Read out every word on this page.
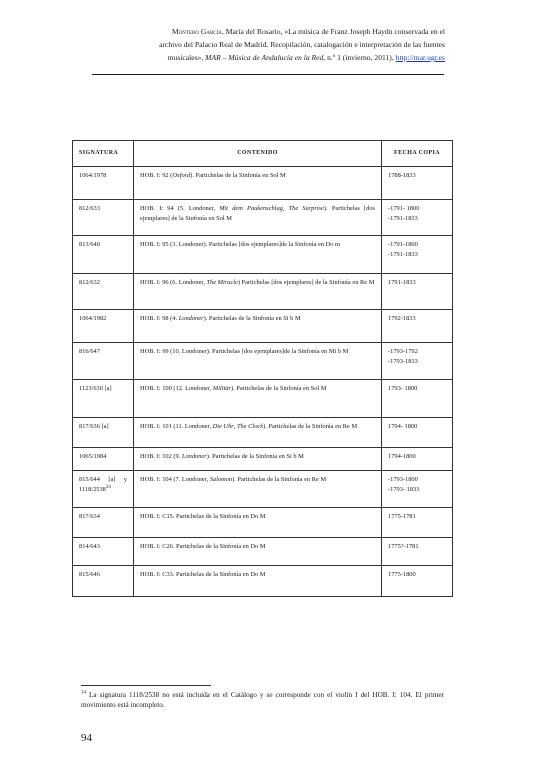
Montero García, María del Rosario, «La música de Franz Joseph Haydn conservada en el
archivo del Palacio Real de Madrid. Recopilación, catalogación e interpretación de las fuentes
musicales», MAR – Música de Andalucía en la Red, n.º 1 (invierno, 2011), http://mar.ugr.es
SIGNATURA	CONTENIDO	FECHA COPIA
1064/1978	HOB. I: 92 (Oxford). Partichelas de la Sinfonía en Sol M	1788-1833
812/633	HOB. I: 94 (5. Londoner, Mit dem Paukenschlag, The Surprise). Partichelas [dos ejemplares] de la Sinfonía en Sol M	-1791- 1800
-1791-1833
813/640	HOB. I: 95 (3. Londoner). Partichelas [dos ejemplares]de la Sinfonía en Do m	-1791-1800
-1791-1833
812/632	HOB. I: 96 (6. Londoner, The Miracle) Partichelas [dos ejemplares] de la Sinfonía en Re M	1791-1833
1064/1982	HOB. I: 98 (4. Londoner). Partichelas de la Sinfonía en Si b M	1792-1833
816/647	HOB. I: 99 (10. Londoner). Partichelas [dos ejemplares]de la Sinfonía en Mi b M	-1793-1792
-1793-1833
1123/630 [a]	HOB. I: 100 (12. Londoner, Militär). Partichelas de la Sinfonía en Sol M	1793- 1800
817/636 [a]	HOB. I: 101 (11. Londoner, Die Uhr, The Clock). Partichelas de la Sinfonía en Re M	1794- 1800
1065/1984	HOB. I: 102 (9. Londoner). Partichelas de la Sinfonía en Si b M	1794-1800
815/644 [a] y 1118/2538$^{34}$	HOB. I: 104 (7. Londoner, Salomon). Partichelas de la Sinfonía en Re M	-1793-1800
-1793- 1833
817/634	HOB. I: C15. Partichelas de la Sinfonía en Do M	1775-1781
814/643	HOB. I: C26. Partichelas de la Sinfonía en Do M	1775?-1781
815/646	HOB. I: C33. Partichelas de la Sinfonía en Do M	1775-1800
$^{34}$ La signatura 1118/2538 no está incluida en el Catálogo y se corresponde con el violín I del HOB. I: 104. El primer movimiento está incompleto.
94
